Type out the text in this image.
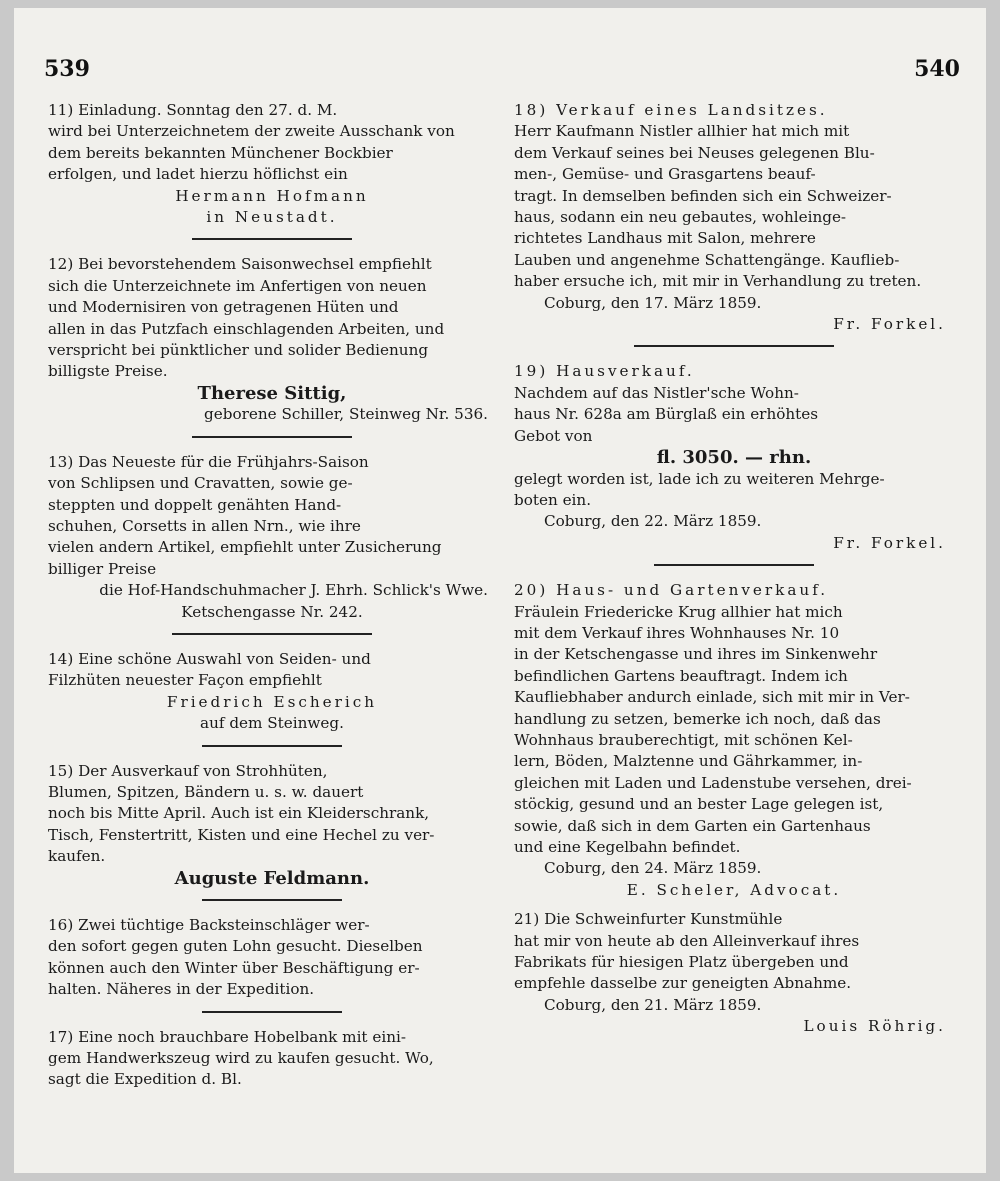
539	540
11) Einladung. Sonntag den 27. d. M.
wird bei Unterzeichnetem der zweite Ausschank von
dem bereits bekannten Münchener Bockbier
erfolgen, und ladet hierzu höflichst ein
Hermann Hofmann
in Neustadt.
12) Bei bevorstehendem Saisonwechsel empfiehlt
sich die Unterzeichnete im Anfertigen von neuen
und Modernisiren von getragenen Hüten und
allen in das Putzfach einschlagenden Arbeiten, und
verspricht bei pünktlicher und solider Bedienung
billigste Preise.
Therese Sittig,
geborene Schiller, Steinweg Nr. 536.
13) Das Neueste für die Frühjahrs-Saison
von Schlipsen und Cravatten, sowie ge-
steppten und doppelt genähten Hand-
schuhen, Corsetts in allen Nrn., wie ihre
vielen andern Artikel, empfiehlt unter Zusicherung
billiger Preise
die Hof-Handschuhmacher J. Ehrh. Schlick's Wwe.
Ketschengasse Nr. 242.
14) Eine schöne Auswahl von Seiden- und
Filzhüten neuester Façon empfiehlt
Friedrich Escherich
auf dem Steinweg.
15) Der Ausverkauf von Strohhüten,
Blumen, Spitzen, Bändern u. s. w. dauert
noch bis Mitte April. Auch ist ein Kleiderschrank,
Tisch, Fenstertritt, Kisten und eine Hechel zu ver-
kaufen.
Auguste Feldmann.
16) Zwei tüchtige Backsteinschläger wer-
den sofort gegen guten Lohn gesucht. Dieselben
können auch den Winter über Beschäftigung er-
halten. Näheres in der Expedition.
17) Eine noch brauchbare Hobelbank mit eini-
gem Handwerkszeug wird zu kaufen gesucht. Wo,
sagt die Expedition d. Bl.
18) Verkauf eines Landsitzes.
Herr Kaufmann Nistler allhier hat mich mit
dem Verkauf seines bei Neuses gelegenen Blu-
men-, Gemüse- und Grasgartens beauf-
tragt. In demselben befinden sich ein Schweizer-
haus, sodann ein neu gebautes, wohleinge-
richtetes Landhaus mit Salon, mehrere
Lauben und angenehme Schattengänge. Kauflieb-
haber ersuche ich, mit mir in Verhandlung zu treten.
Coburg, den 17. März 1859.
Fr. Forkel.
19) Hausverkauf.
Nachdem auf das Nistler'sche Wohn-
haus Nr. 628a am Bürglaß ein erhöhtes
Gebot von
fl. 3050. — rhn.
gelegt worden ist, lade ich zu weiteren Mehrge-
boten ein.
Coburg, den 22. März 1859.
Fr. Forkel.
20) Haus- und Gartenverkauf.
Fräulein Friedericke Krug allhier hat mich
mit dem Verkauf ihres Wohnhauses Nr. 10
in der Ketschengasse und ihres im Sinkenwehr
befindlichen Gartens beauftragt. Indem ich
Kaufliebhaber andurch einlade, sich mit mir in Ver-
handlung zu setzen, bemerke ich noch, daß das
Wohnhaus brauberechtigt, mit schönen Kel-
lern, Böden, Malztenne und Gährkammer, in-
gleichen mit Laden und Ladenstube versehen, drei-
stöckig, gesund und an bester Lage gelegen ist,
sowie, daß sich in dem Garten ein Gartenhaus
und eine Kegelbahn befindet.
Coburg, den 24. März 1859.
E. Scheler, Advocat.
21) Die Schweinfurter Kunstmühle
hat mir von heute ab den Alleinverkauf ihres
Fabrikats für hiesigen Platz übergeben und
empfehle dasselbe zur geneigten Abnahme.
Coburg, den 21. März 1859.
Louis Röhrig.
